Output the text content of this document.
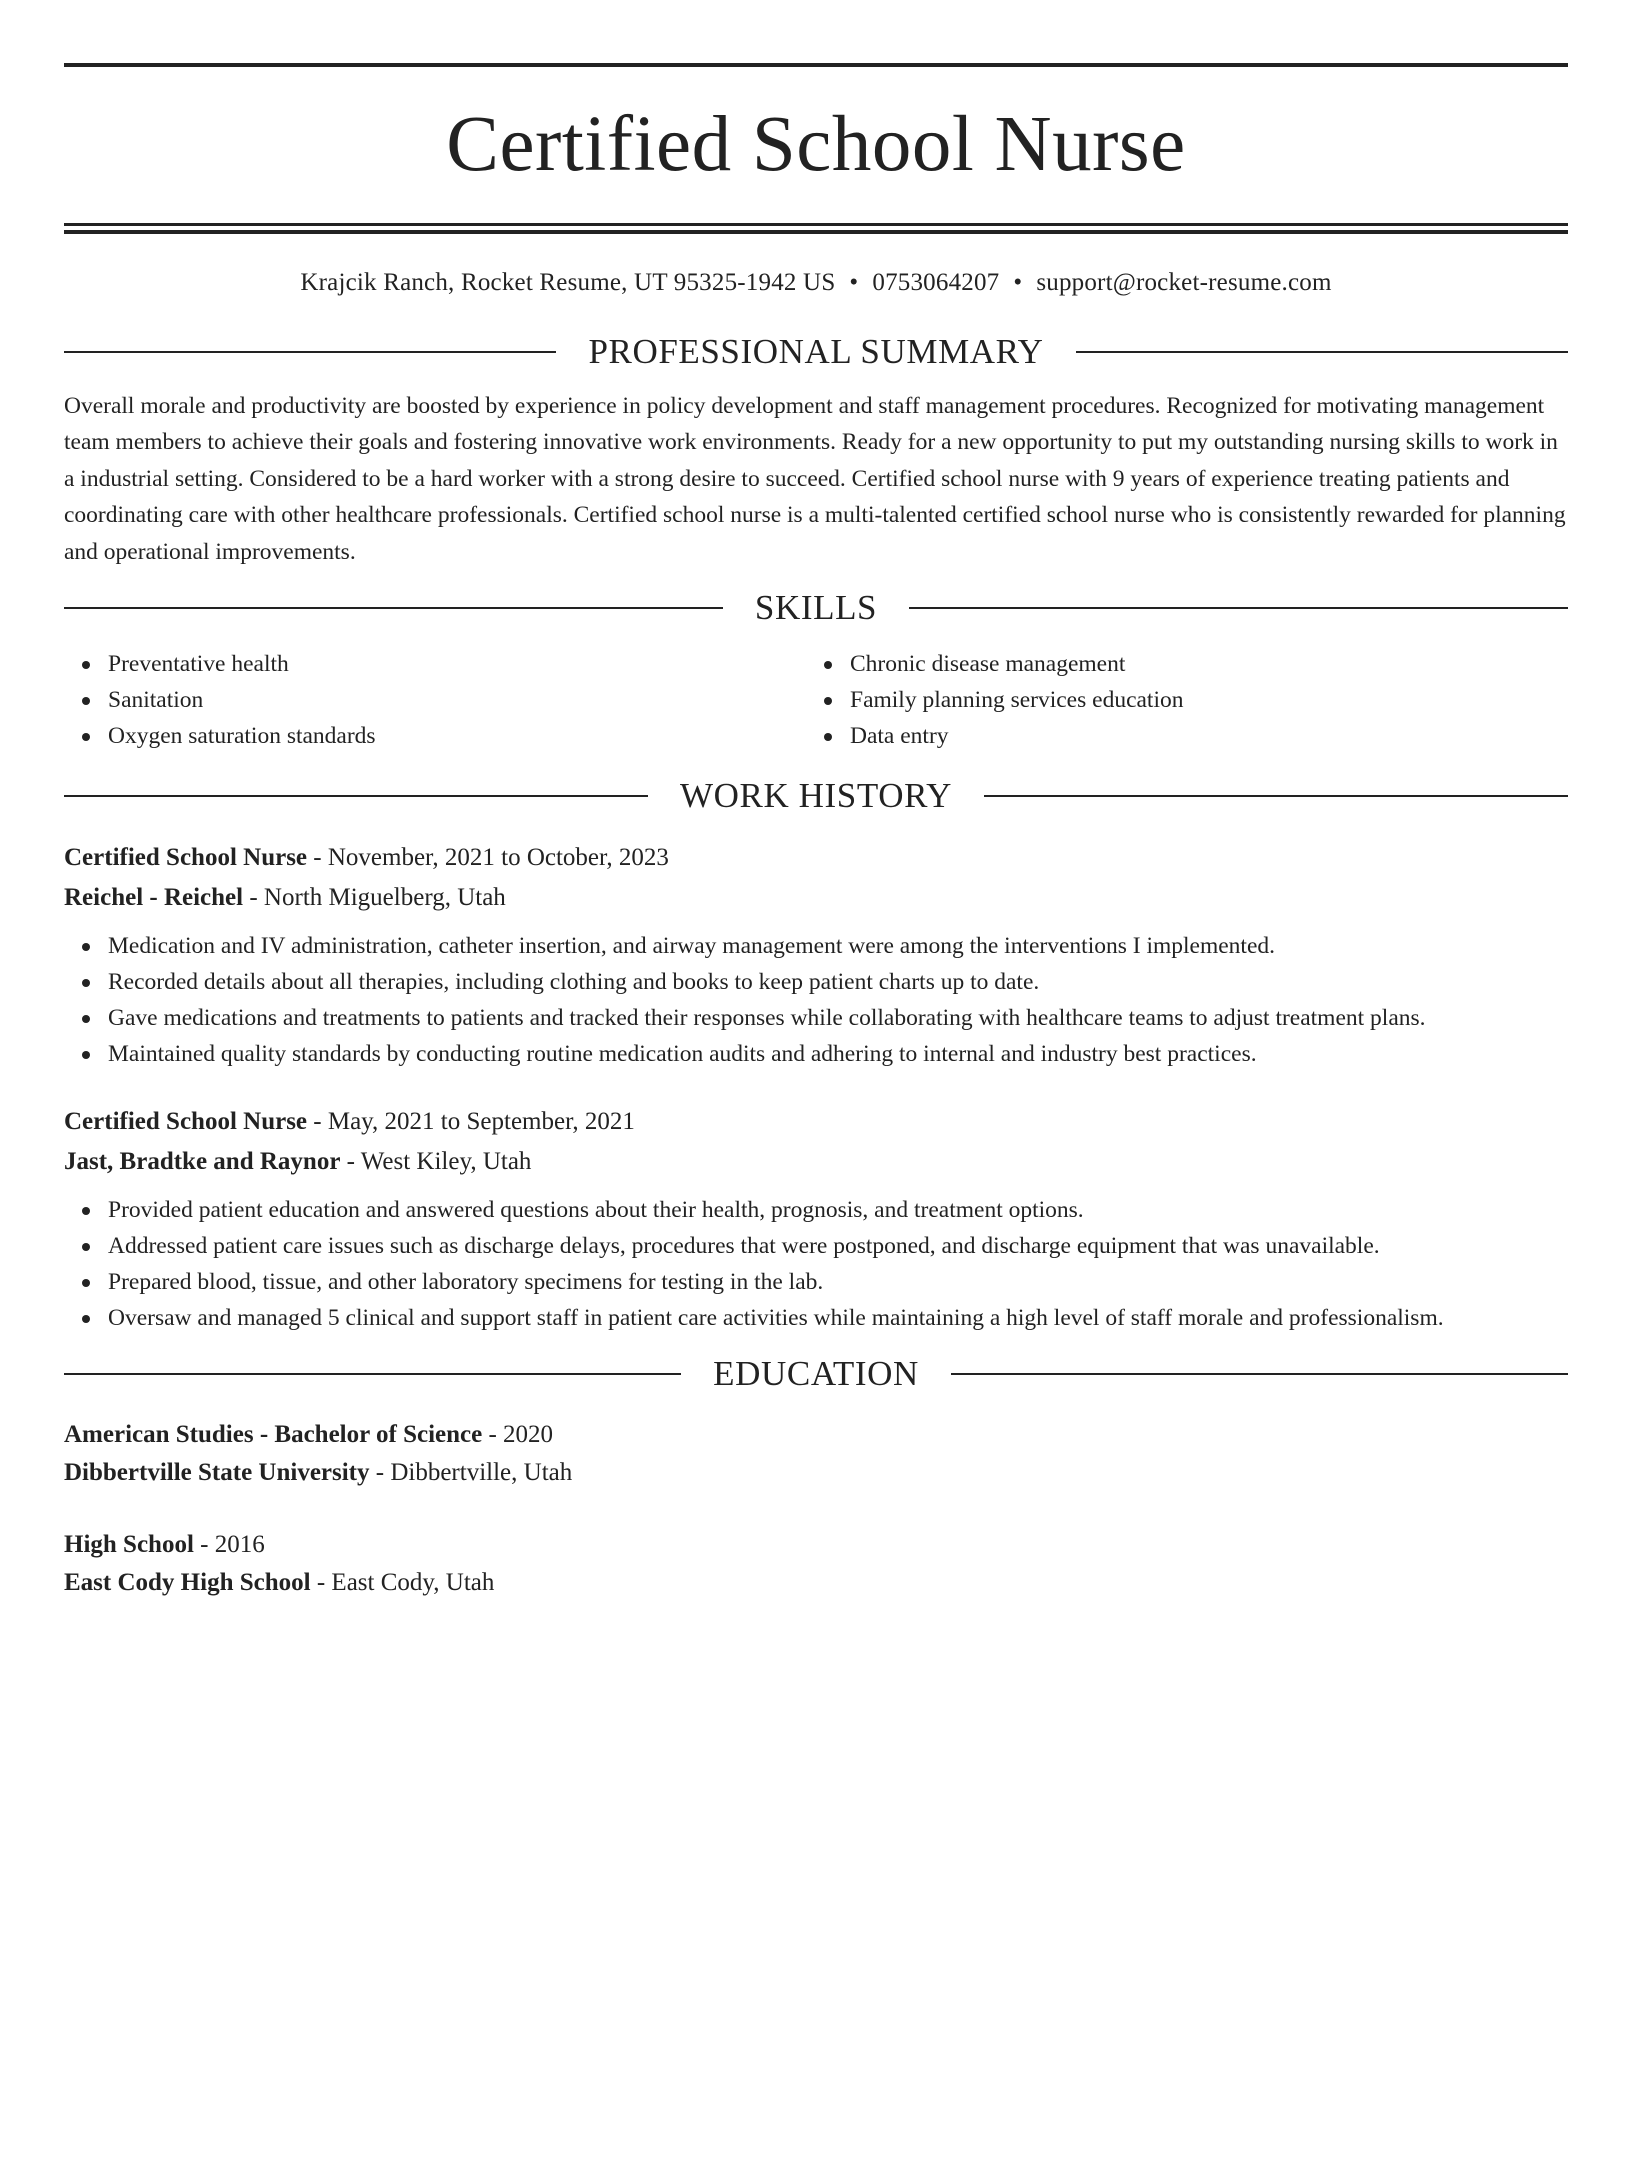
Certified School Nurse
Krajcik Ranch, Rocket Resume, UT 95325-1942 US • 0753064207 • support@rocket-resume.com
PROFESSIONAL SUMMARY

Overall morale and productivity are boosted by experience in policy development and staff management procedures. Recognized for motivating management team members to achieve their goals and fostering innovative work environments. Ready for a new opportunity to put my outstanding nursing skills to work in a industrial setting. Considered to be a hard worker with a strong desire to succeed. Certified school nurse with 9 years of experience treating patients and coordinating care with other healthcare professionals. Certified school nurse is a multi-talented certified school nurse who is consistently rewarded for planning and operational improvements.

SKILLS
Preventative health
Sanitation
Oxygen saturation standards
Chronic disease management
Family planning services education
Data entry
WORK HISTORY
Certified School Nurse - November, 2021 to October, 2023
Reichel - Reichel - North Miguelberg, Utah
Medication and IV administration, catheter insertion, and airway management were among the interventions I implemented.
Recorded details about all therapies, including clothing and books to keep patient charts up to date.
Gave medications and treatments to patients and tracked their responses while collaborating with healthcare teams to adjust treatment plans.
Maintained quality standards by conducting routine medication audits and adhering to internal and industry best practices.
Certified School Nurse - May, 2021 to September, 2021
Jast, Bradtke and Raynor - West Kiley, Utah
Provided patient education and answered questions about their health, prognosis, and treatment options.
Addressed patient care issues such as discharge delays, procedures that were postponed, and discharge equipment that was unavailable.
Prepared blood, tissue, and other laboratory specimens for testing in the lab.
Oversaw and managed 5 clinical and support staff in patient care activities while maintaining a high level of staff morale and professionalism.
EDUCATION
American Studies - Bachelor of Science - 2020
Dibbertville State University - Dibbertville, Utah
High School - 2016
East Cody High School - East Cody, Utah
